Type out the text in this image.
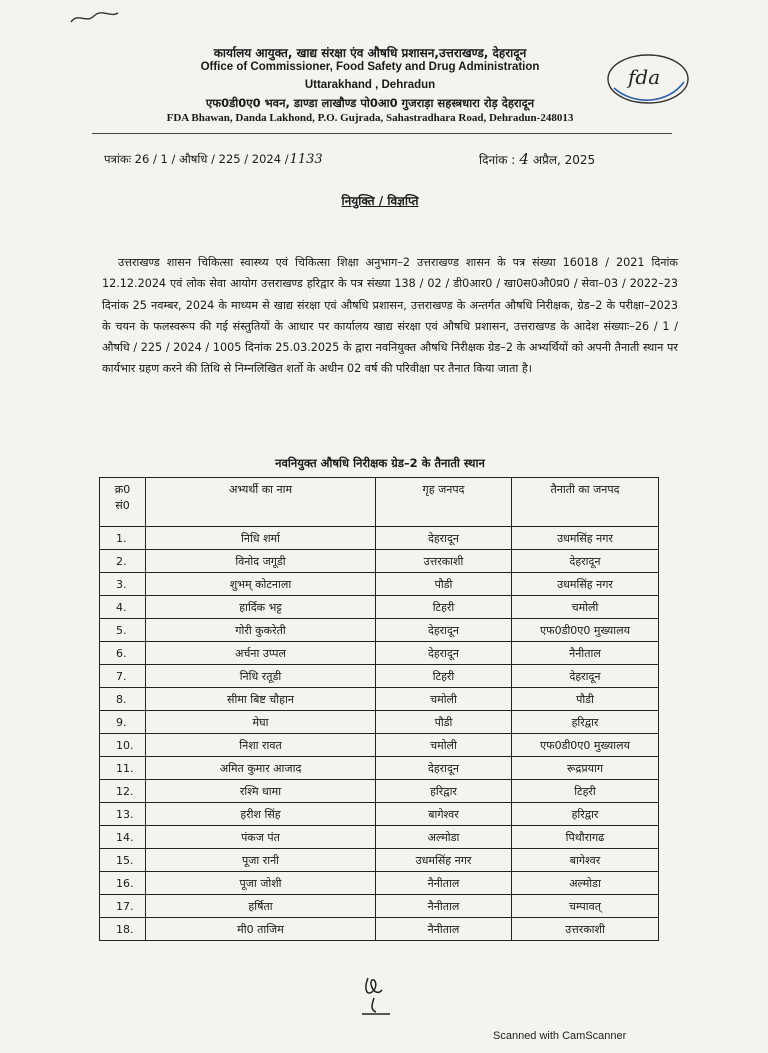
कार्यालय आयुक्त, खाद्य संरक्षा एंव औषधि प्रशासन,उत्तराखण्ड, देहरादून
Office of Commissioner, Food Safety and Drug Administration
Uttarakhand , Dehradun
एफ0डी0ए0 भवन, डाण्डा लाखौण्ड पो0आ0 गुजराड़ा सहस्त्रधारा रोड़ देहरादून
FDA Bhawan, Danda Lakhond, P.O. Gujrada, Sahastradhara Road, Dehradun-248013
fda
पत्रांकः 26 / 1 / औषधि / 225 / 2024 /1133	दिनांक : 4 अप्रैल, 2025
नियुक्ति / विज्ञप्ति
उत्तराखण्ड शासन चिकित्सा स्वास्थ्य एवं चिकित्सा शिक्षा अनुभाग–2 उत्तराखण्ड शासन के पत्र संख्या 16018 / 2021 दिनांक 12.12.2024 एवं लोक सेवा आयोग उत्तराखण्ड हरिद्वार के पत्र संख्या 138 / 02 / डी0आर0 / खा0स0औ0प्र0 / सेवा–03 / 2022–23 दिनांक 25 नवम्बर, 2024 के माध्यम से खाद्य संरक्षा एवं औषधि प्रशासन, उत्तराखण्ड के अन्तर्गत औषधि निरीक्षक, ग्रेड–2 के परीक्षा–2023 के चयन के फलस्वरूप की गई संस्तुतियों के आधार पर कार्यालय खाद्य संरक्षा एवं औषधि प्रशासन, उत्तराखण्ड के आदेश संख्याः–26 / 1 / औषधि / 225 / 2024 / 1005 दिनांक 25.03.2025 के द्वारा नवनियुक्त औषधि निरीक्षक ग्रेड–2 के अभ्यर्थियों को अपनी तैनाती स्थान पर कार्यभार ग्रहण करने की तिथि से निम्नलिखित शर्तो के अधीन 02 वर्ष की परिवीक्षा पर तैनात किया जाता है।
नवनियुक्त औषधि निरीक्षक ग्रेड–2 के तैनाती स्थान
क्र0
सं0	अभ्यर्थी का नाम	गृह जनपद	तैनाती का जनपद
1.	निधि शर्मा	देहरादून	उधमसिंह नगर
2.	विनोद जगूडी	उत्तरकाशी	देहरादून
3.	शुभम् कोटनाला	पौडी	उधमसिंह नगर
4.	हार्दिक भट्ट	टिहरी	चमोली
5.	गोरी कुकरेती	देहरादून	एफ0डी0ए0 मुख्यालय
6.	अर्चना उप्पल	देहरादून	नैनीताल
7.	निधि रतूडी	टिहरी	देहरादून
8.	सीमा बिष्ट चौहान	चमोली	पौडी
9.	मेघा	पौडी	हरिद्वार
10.	निशा रावत	चमोली	एफ0डी0ए0 मुख्यालय
11.	अमित कुमार आजाद	देहरादून	रूद्रप्रयाग
12.	रश्मि धामा	हरिद्वार	टिहरी
13.	हरीश सिंह	बागेश्वर	हरिद्वार
14.	पंकज पंत	अल्मोडा	पिथौरागढ
15.	पूजा रानी	उधमसिंह नगर	बागेश्वर
16.	पूजा जोशी	नैनीताल	अल्मोडा
17.	हर्षिता	नैनीताल	चम्पावत्
18.	मी0 ताजिम	नैनीताल	उत्तरकाशी
Scanned with CamScanner
